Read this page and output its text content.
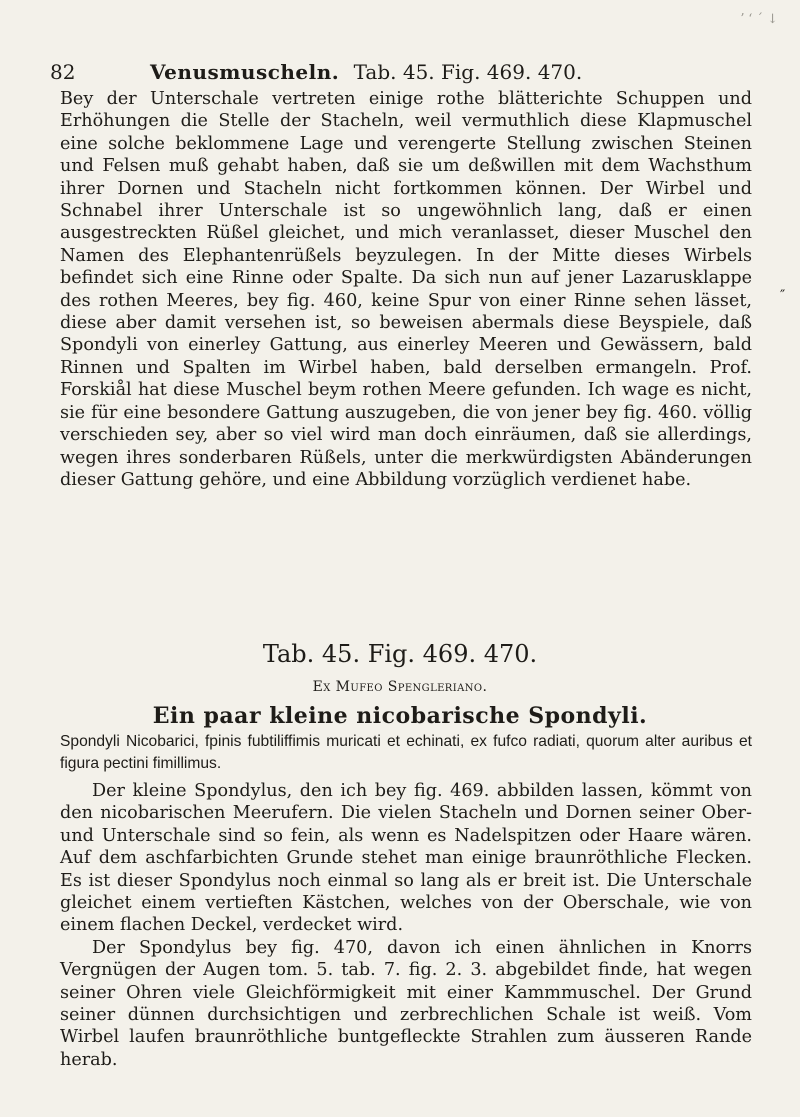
ʼ ʻ ˊ ↓
82	Venusmuscheln. Tab. 45. Fig. 469. 470.

Bey der Unterschale vertreten einige rothe blätterichte Schuppen und Erhöhungen die Stelle der Stacheln, weil vermuthlich diese Klapmuschel eine solche beklommene Lage und verengerte Stellung zwischen Steinen und Felsen muß gehabt haben, daß sie um deßwillen mit dem Wachsthum ihrer Dornen und Stacheln nicht fortkommen können. Der Wirbel und Schnabel ihrer Unterschale ist so ungewöhnlich lang, daß er einen ausgestreckten Rüßel gleichet, und mich veranlasset, dieser Muschel den Namen des Elephantenrüßels beyzulegen. In der Mitte dieses Wirbels befindet sich eine Rinne oder Spalte. Da sich nun auf jener Lazarusklappe des rothen Meeres, bey fig. 460, keine Spur von einer Rinne sehen lässet, diese aber damit versehen ist, so beweisen abermals diese Beyspiele, daß Spondyli von einerley Gattung, aus einerley Meeren und Gewässern, bald Rinnen und Spalten im Wirbel haben, bald derselben ermangeln. Prof. Forskiål hat diese Muschel beym rothen Meere gefunden. Ich wage es nicht, sie für eine besondere Gattung auszugeben, die von jener bey fig. 460. völlig verschieden sey, aber so viel wird man doch einräumen, daß sie allerdings, wegen ihres sonderbaren Rüßels, unter die merkwürdigsten Abänderungen dieser Gattung gehöre, und eine Abbildung vorzüglich verdienet habe.

″
Tab. 45. Fig. 469. 470.
Ex Mufeo Spengleriano.
Ein paar kleine nicobarische Spondyli.

Spondyli Nicobarici, fpinis fubtiliffimis muricati et echinati, ex fufco radiati, quorum alter auribus et figura pectini fimillimus.

Der kleine Spondylus, den ich bey fig. 469. abbilden lassen, kömmt von den nicobarischen Meerufern. Die vielen Stacheln und Dornen seiner Ober- und Unterschale sind so fein, als wenn es Nadelspitzen oder Haare wären. Auf dem aschfarbichten Grunde stehet man einige braunröthliche Flecken. Es ist dieser Spondylus noch einmal so lang als er breit ist. Die Unterschale gleichet einem vertieften Kästchen, welches von der Oberschale, wie von einem flachen Deckel, verdecket wird.

Der Spondylus bey fig. 470, davon ich einen ähnlichen in Knorrs Vergnügen der Augen tom. 5. tab. 7. fig. 2. 3. abgebildet finde, hat wegen seiner Ohren viele Gleichförmigkeit mit einer Kammmuschel. Der Grund seiner dünnen durchsichtigen und zerbrechlichen Schale ist weiß. Vom Wirbel laufen braunröthliche buntgefleckte Strahlen zum äusseren Rande herab.
